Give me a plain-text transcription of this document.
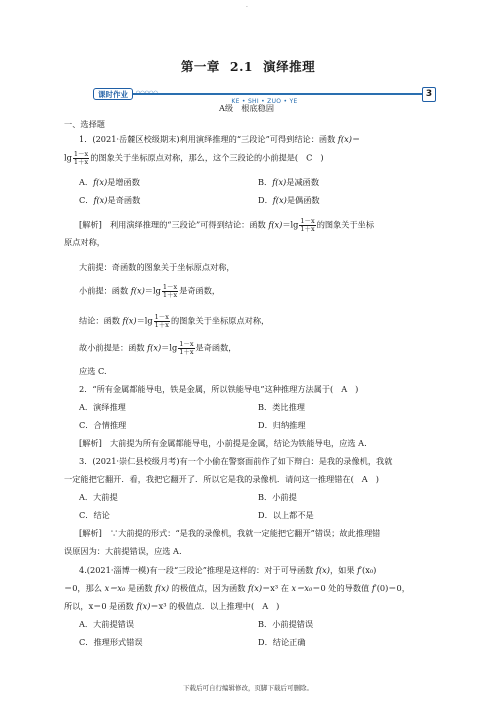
·
第一章 2.1 演绎推理
课时作业	○○○○○
KE • SHI • ZUO • YE
3
A级　根底稳固
一、选择题
1．(2021·岳麓区校级期末)利用演绎推理的“三段论”可得到结论：函数 f(x)＝
$\lg \frac{1-x}{1+x}$ 的图象关于坐标原点对称，那么，这个三段论的小前提是( C )
A．f(x)是增函数	B．f(x)是减函数
C．f(x)是奇函数	D．f(x)是偶函数
[解析]　利用演绎推理的“三段论”可得到结论：函数 $f(x)=\lg \frac{1-x}{1+x}$ 的图象关于坐标
原点对称，
大前提：奇函数的图象关于坐标原点对称，
小前提：函数 $f(x)=\lg \frac{1-x}{1+x}$ 是奇函数，
结论：函数 $f(x)=\lg \frac{1-x}{1+x}$ 的图象关于坐标原点对称，
故小前提是：函数 $f(x)=\lg \frac{1-x}{1+x}$ 是奇函数，
应选 C.
2．“所有金属都能导电，铁是金属，所以铁能导电”这种推理方法属于( A )
A．演绎推理	B．类比推理
C．合情推理	D．归纳推理
[解析]　大前提为所有金属都能导电，小前提是金属，结论为铁能导电，应选 A.
3．(2021·崇仁县校级月考)有一个小偷在警察面前作了如下辩白：是我的录像机，我就
一定能把它翻开．看，我把它翻开了．所以它是我的录像机．请问这一推理错在( A )
A．大前提	B．小前提
C．结论	D．以上都不是
[解析]　∵大前提的形式：“是我的录像机，我就一定能把它翻开”错误；故此推理错
误原因为：大前提错误，应选 A.
4.(2021·淄博一模)有一段“三段论”推理是这样的：对于可导函数 f(x)，如果 f′(x₀)
＝0，那么 x＝x₀ 是函数 f(x) 的极值点，因为函数 f(x)＝x³ 在 x＝x₀＝0 处的导数值 f′(0)＝0，
所以，x＝0 是函数 f(x)＝x³ 的极值点．以上推理中( A )
A．大前提错误	B．小前提错误
C．推理形式错误	D．结论正确
下载后可自行编辑修改，页脚下载后可删除。
